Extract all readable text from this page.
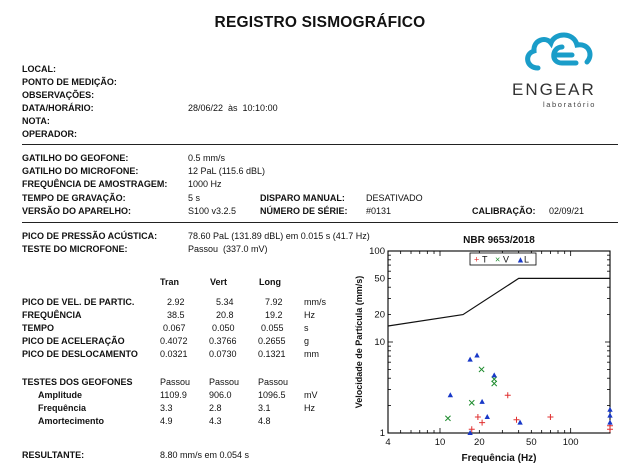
REGISTRO SISMOGRÁFICO
ENGEAR
laboratório
LOCAL:
PONTO DE MEDIÇÃO:
OBSERVAÇÕES:
DATA/HORÁRIO:	28/06/22  às  10:10:00
NOTA:
OPERADOR:
GATILHO DO GEOFONE:	0.5 mm/s
GATILHO DO MICROFONE:	12 PaL (115.6 dBL)
FREQUÊNCIA DE AMOSTRAGEM: 1000 Hz
TEMPO DE GRAVAÇÃO:	5 s	DISPARO MANUAL: DESATIVADO
VERSÃO DO APARELHO:	S100 v3.2.5	NÚMERO DE SÉRIE: #0131	CALIBRAÇÃO: 02/09/21
PICO DE PRESSÃO ACÚSTICA:	78.60 PaL (131.89 dBL) em 0.015 s (41.7 Hz)
TESTE DO MICROFONE:	Passou  (337.0 mV)
Tran	Vert	Long
PICO DE VEL. DE PARTIC.	2.92	5.34	7.92 mm/s
FREQUÊNCIA	38.5	20.8	19.2 Hz
TEMPO	0.067	0.050	0.055 s
PICO DE ACELERAÇÃO	0.4072 0.3766 0.2655 g
PICO DE DESLOCAMENTO 0.0321 0.0730 0.1321 mm
TESTES DOS GEOFONES	Passou Passou Passou
Amplitude	1109.9 906.0	1096.5 mV
Frequência	3.3	2.8	3.1	Hz
Amortecimento	4.9	4.3	4.8
RESULTANTE:	8.80 mm/s em 0.054 s
NBR 9653/2018
4	10	20	50	100
1
10
20
50
100
Frequência (Hz)
Velocidade de Partícula (mm/s)
+ T × V ▲ L
